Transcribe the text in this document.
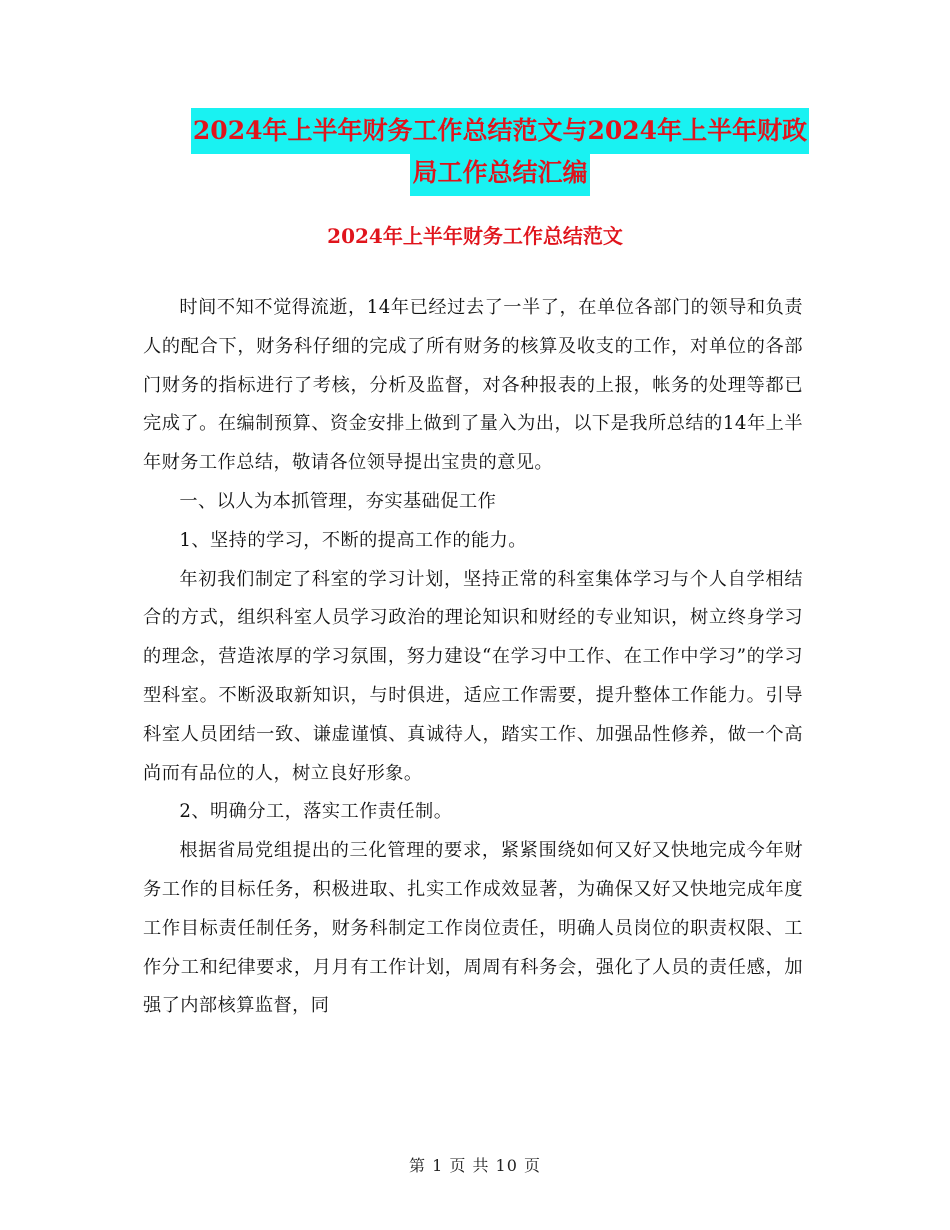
2024年上半年财务工作总结范文与2024年上半年财政
局工作总结汇编
2024年上半年财务工作总结范文

时间不知不觉得流逝，14年已经过去了一半了，在单位各部门的领导和负责人的配合下，财务科仔细的完成了所有财务的核算及收支的工作，对单位的各部门财务的指标进行了考核，分析及监督，对各种报表的上报，帐务的处理等都已完成了。在编制预算、资金安排上做到了量入为出，以下是我所总结的14年上半年财务工作总结，敬请各位领导提出宝贵的意见。

一、以人为本抓管理，夯实基础促工作

1、坚持的学习，不断的提高工作的能力。

年初我们制定了科室的学习计划，坚持正常的科室集体学习与个人自学相结合的方式，组织科室人员学习政治的理论知识和财经的专业知识，树立终身学习的理念，营造浓厚的学习氛围，努力建设“在学习中工作、在工作中学习”的学习型科室。不断汲取新知识，与时俱进，适应工作需要，提升整体工作能力。引导科室人员团结一致、谦虚谨慎、真诚待人，踏实工作、加强品性修养，做一个高尚而有品位的人，树立良好形象。

2、明确分工，落实工作责任制。

根据省局党组提出的三化管理的要求，紧紧围绕如何又好又快地完成今年财务工作的目标任务，积极进取、扎实工作成效显著，为确保又好又快地完成年度工作目标责任制任务，财务科制定工作岗位责任，明确人员岗位的职责权限、工作分工和纪律要求，月月有工作计划，周周有科务会，强化了人员的责任感，加强了内部核算监督，同

第 1 页 共 10 页
